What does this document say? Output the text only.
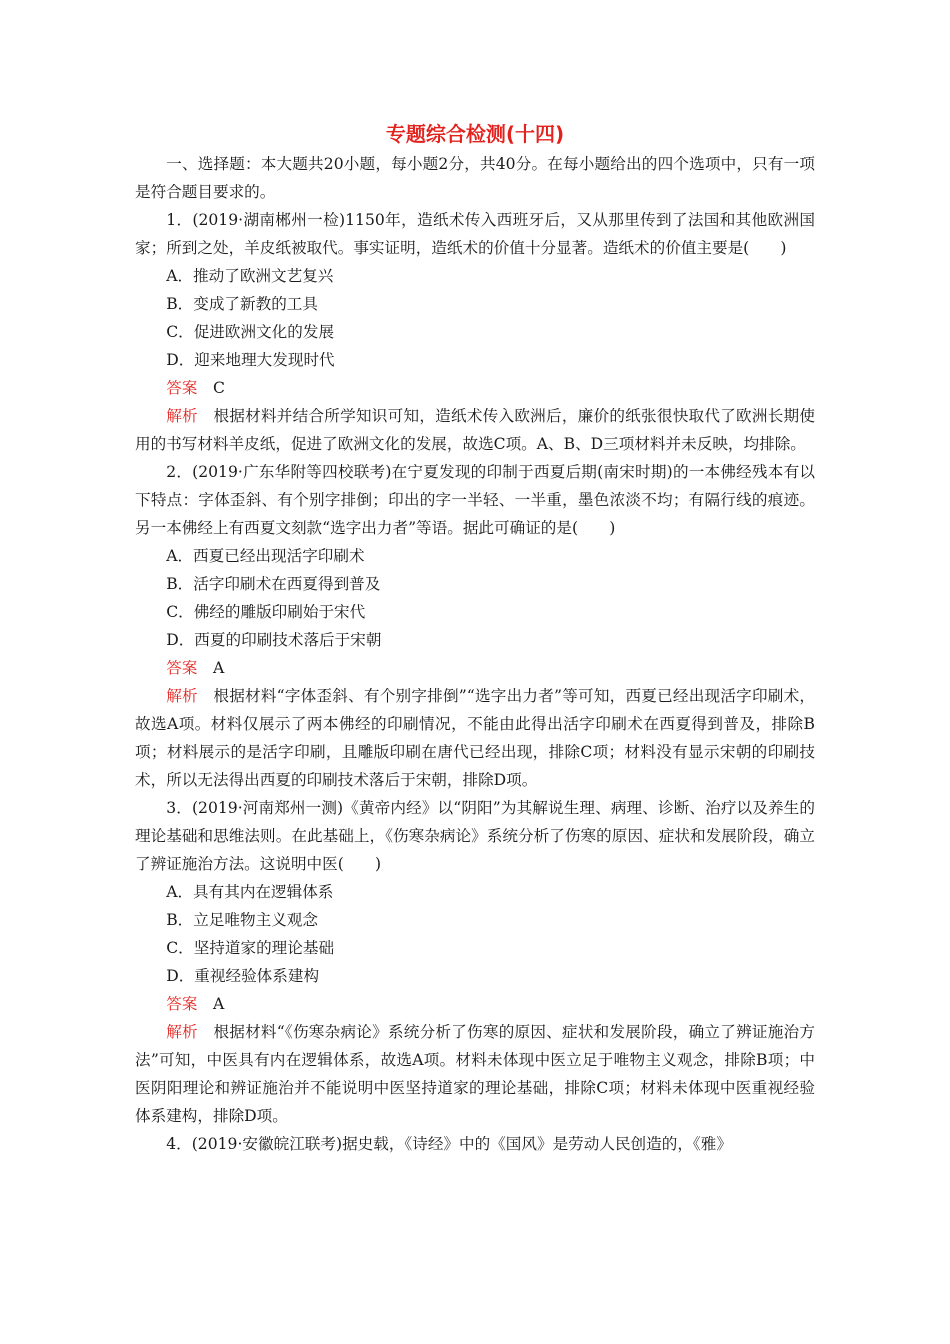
专题综合检测(十四)

一、选择题：本大题共20小题，每小题2分，共40分。在每小题给出的四个选项中，只有一项是符合题目要求的。

1．(2019·湖南郴州一检)1150年，造纸术传入西班牙后，又从那里传到了法国和其他欧洲国家；所到之处，羊皮纸被取代。事实证明，造纸术的价值十分显著。造纸术的价值主要是(　　)

A．推动了欧洲文艺复兴

B．变成了新教的工具

C．促进欧洲文化的发展

D．迎来地理大发现时代

答案 C

解析 根据材料并结合所学知识可知，造纸术传入欧洲后，廉价的纸张很快取代了欧洲长期使用的书写材料羊皮纸，促进了欧洲文化的发展，故选C项。A、B、D三项材料并未反映，均排除。

2．(2019·广东华附等四校联考)在宁夏发现的印制于西夏后期(南宋时期)的一本佛经残本有以下特点：字体歪斜、有个别字排倒；印出的字一半轻、一半重，墨色浓淡不均；有隔行线的痕迹。另一本佛经上有西夏文刻款“选字出力者”等语。据此可确证的是(　　)

A．西夏已经出现活字印刷术

B．活字印刷术在西夏得到普及

C．佛经的雕版印刷始于宋代

D．西夏的印刷技术落后于宋朝

答案 A

解析 根据材料“字体歪斜、有个别字排倒”“选字出力者”等可知，西夏已经出现活字印刷术，故选A项。材料仅展示了两本佛经的印刷情况，不能由此得出活字印刷术在西夏得到普及，排除B项；材料展示的是活字印刷，且雕版印刷在唐代已经出现，排除C项；材料没有显示宋朝的印刷技术，所以无法得出西夏的印刷技术落后于宋朝，排除D项。

3．(2019·河南郑州一测)《黄帝内经》以“阴阳”为其解说生理、病理、诊断、治疗以及养生的理论基础和思维法则。在此基础上，《伤寒杂病论》系统分析了伤寒的原因、症状和发展阶段，确立了辨证施治方法。这说明中医(　　)

A．具有其内在逻辑体系

B．立足唯物主义观念

C．坚持道家的理论基础

D．重视经验体系建构

答案 A

解析 根据材料“《伤寒杂病论》系统分析了伤寒的原因、症状和发展阶段，确立了辨证施治方法”可知，中医具有内在逻辑体系，故选A项。材料未体现中医立足于唯物主义观念，排除B项；中医阴阳理论和辨证施治并不能说明中医坚持道家的理论基础，排除C项；材料未体现中医重视经验体系建构，排除D项。

4．(2019·安徽皖江联考)据史载，《诗经》中的《国风》是劳动人民创造的，《雅》
